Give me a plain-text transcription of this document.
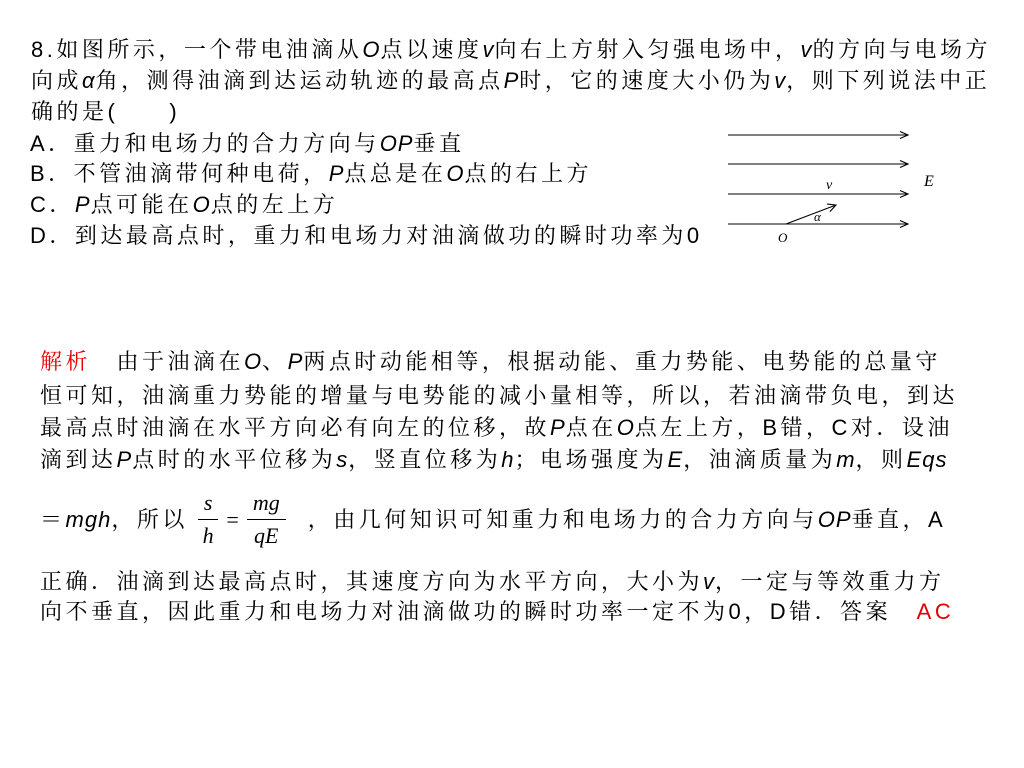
8.如图所示，一个带电油滴从O点以速度v向右上方射入匀强电场中，v的方向与电场方
向成α角，测得油滴到达运动轨迹的最高点P时，它的速度大小仍为v，则下列说法中正
确的是(　　)
A．重力和电场力的合力方向与OP垂直
B．不管油滴带何种电荷，P点总是在O点的右上方
C．P点可能在O点的左上方
D．到达最高点时，重力和电场力对油滴做功的瞬时功率为0
E
v
α
O
解析　由于油滴在O、P两点时动能相等，根据动能、重力势能、电势能的总量守
恒可知，油滴重力势能的增量与电势能的减小量相等，所以，若油滴带负电，到达
最高点时油滴在水平方向必有向左的位移，故P点在O点左上方，B错，C对．设油
滴到达P点时的水平位移为s，竖直位移为h；电场强度为E，油滴质量为m，则Eqs
＝ mgh ，所以 $\frac{s}{h} = \frac{mg}{qE}$ ，由几何知识可知重力和电场力的合力方向与 OP 垂直，A
正确．油滴到达最高点时，其速度方向为水平方向，大小为v，一定与等效重力方
向不垂直，因此重力和电场力对油滴做功的瞬时功率一定不为0，D错．答案　AC
